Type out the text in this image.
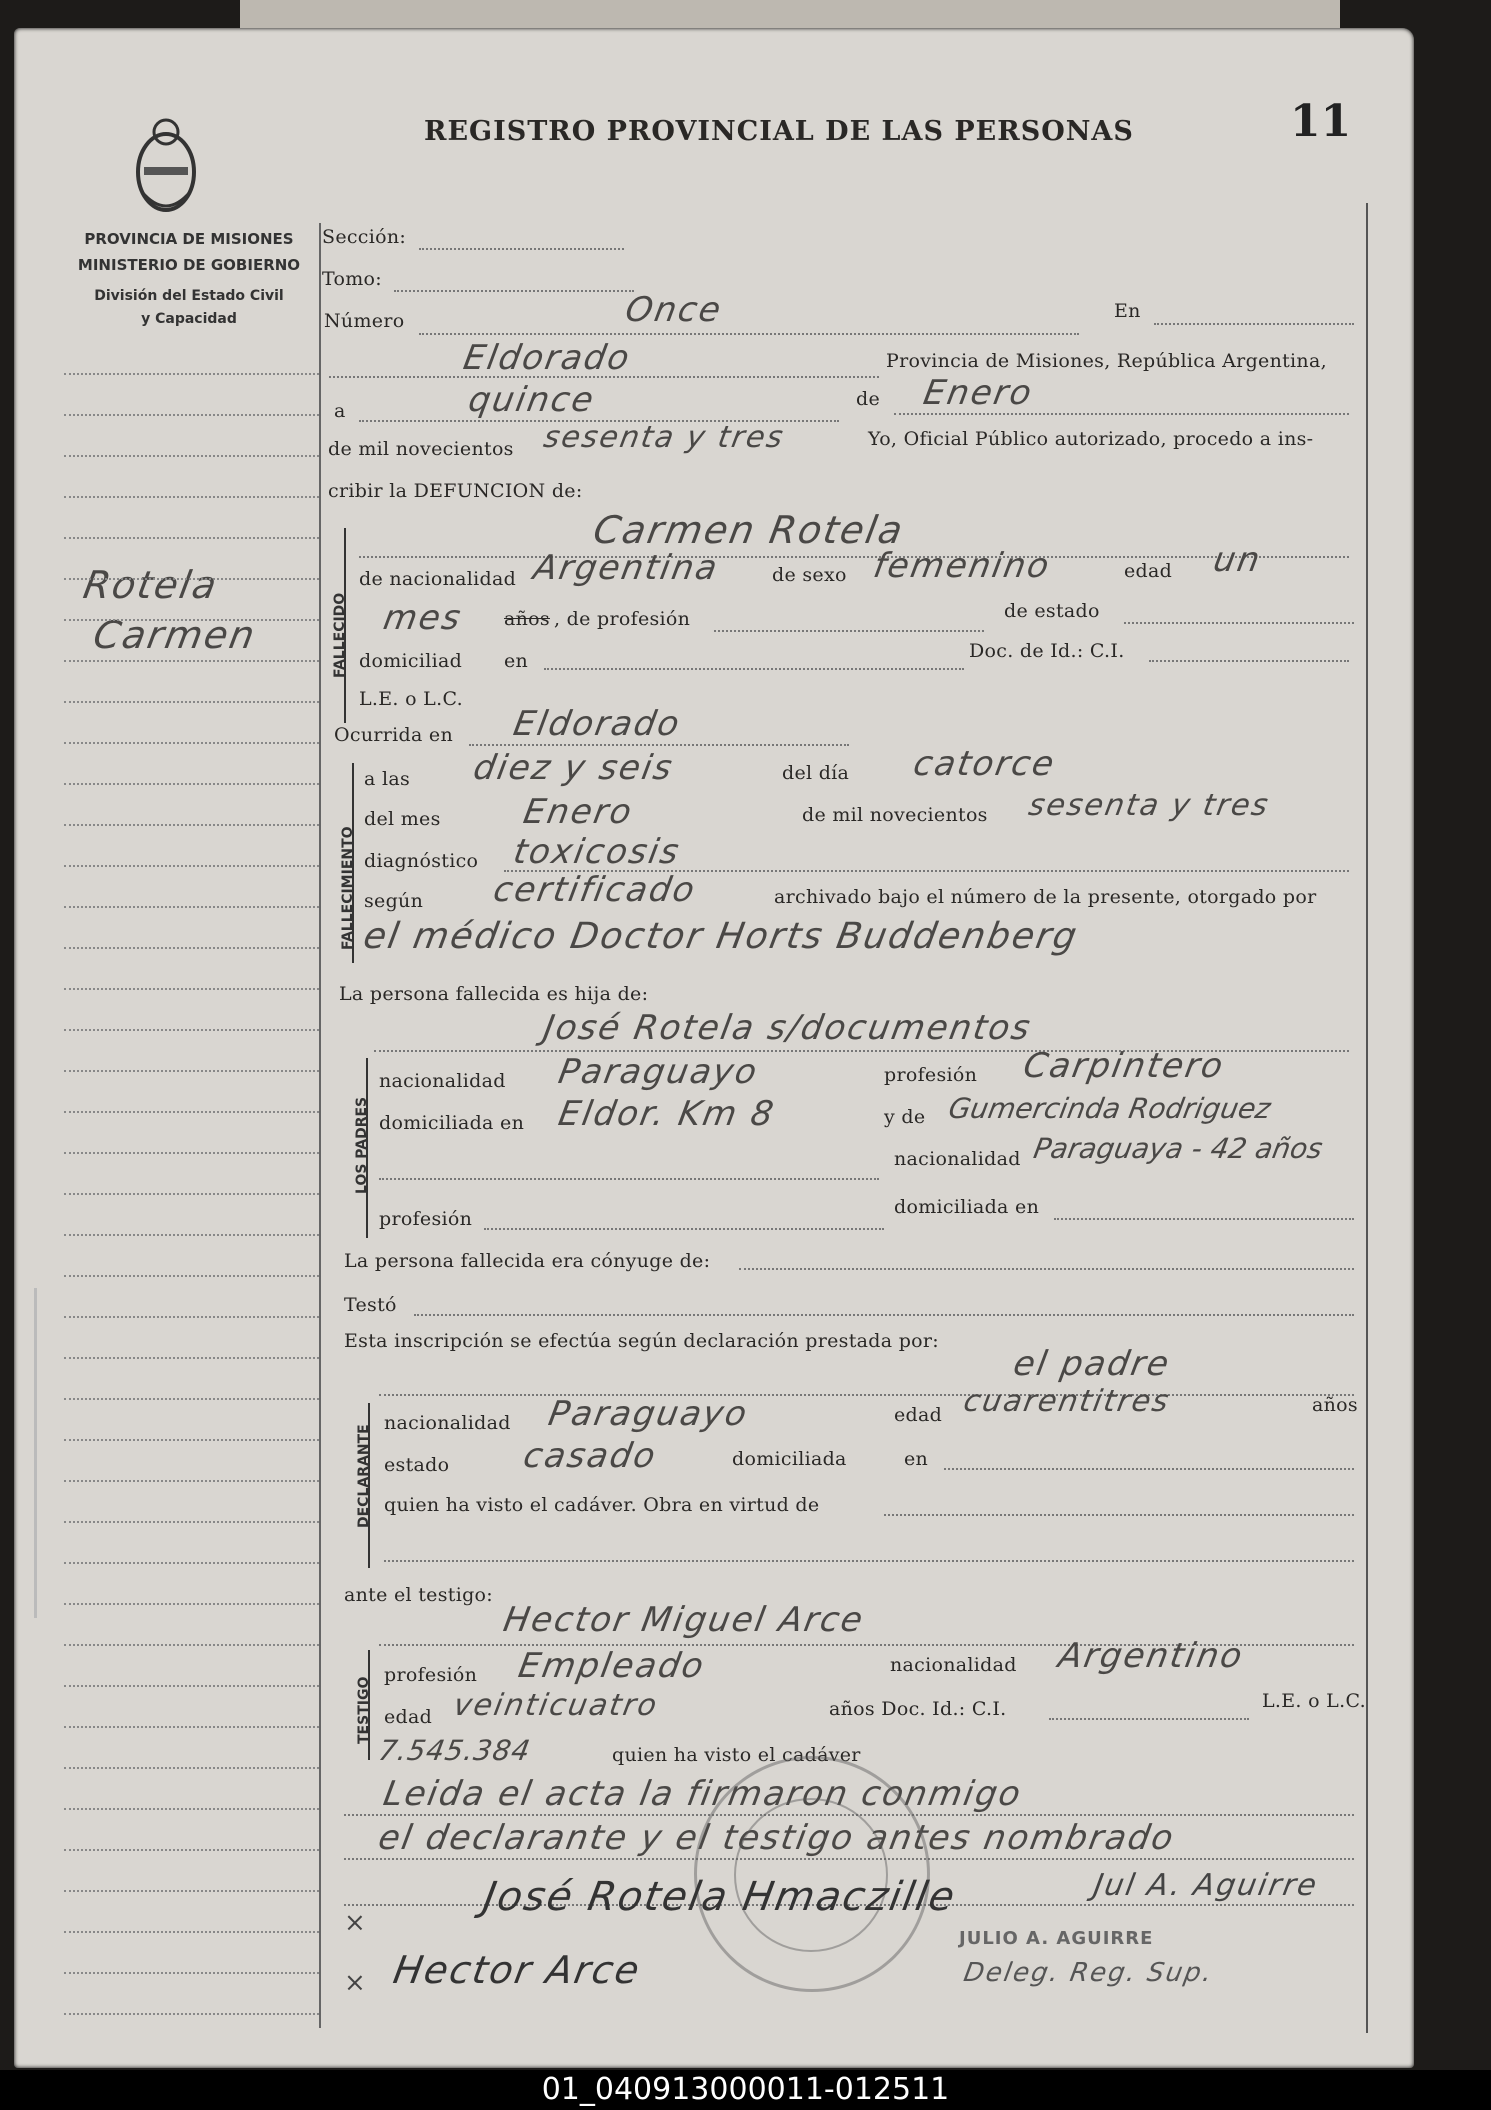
PROVINCIA DE MISIONES
MINISTERIO DE GOBIERNO
División del Estado Civil
y Capacidad
REGISTRO PROVINCIAL DE LAS PERSONAS	11
Rotela
Carmen
Sección:
Tomo:
Número	Once	En
Eldorado	Provincia de Misiones, República Argentina,
a	quince	de Enero
de mil novecientos sesenta y tres	Yo, Oficial Público autorizado, procedo a ins-
cribir la DEFUNCION de:
FALLECIDO
Carmen Rotela
de nacionalidad Argentina	de sexo femenino	edad un
mes años , de profesión	de estado
domiciliad en	Doc. de Id.: C.I.
L.E. o L.C.
Ocurrida en Eldorado
FALLECIMIENTO
a las diez y seis	del día catorce
del mes Enero	de mil novecientos sesenta y tres
diagnóstico toxicosis
según certificado	archivado bajo el número de la presente, otorgado por
el médico Doctor Horts Buddenberg
La persona fallecida es hija de:
José Rotela s/documentos
LOS PADRES
nacionalidad Paraguayo	profesión Carpintero
domiciliada en Eldor. Km 8	y de Gumercinda Rodriguez
nacionalidad Paraguaya - 42 años
profesión
domiciliada en
La persona fallecida era cónyuge de:
Testó
Esta inscripción se efectúa según declaración prestada por:
el padre
DECLARANTE
nacionalidad Paraguayo	edad cuarentitres	años
estado casado	domiciliada	en
quien ha visto el cadáver. Obra en virtud de
ante el testigo:
Hector Miguel Arce
TESTIGO
profesión Empleado	nacionalidad Argentino
edad veinticuatro	años Doc. Id.: C.I.	L.E. o L.C.
7.545.384	quien ha visto el cadáver
Leida el acta la firmaron conmigo
el declarante y el testigo antes nombrado
×
José Rotela Hmaczille	Jul A. Aguirre
JULIO A. AGUIRRE
Deleg. Reg. Sup.
× Hector Arce
01_040913000011-012511
